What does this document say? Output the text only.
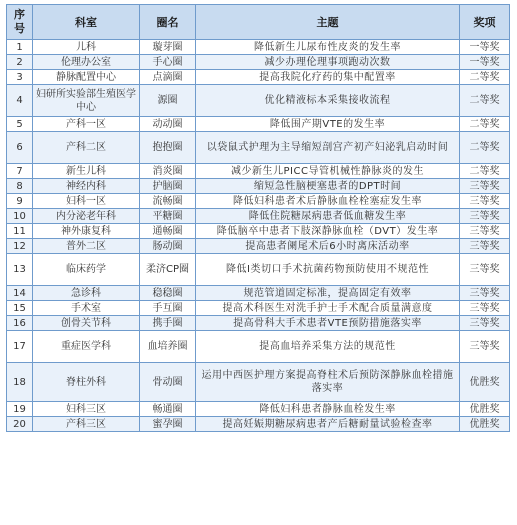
序号	科室	圈名	主题	奖项
1	儿科	璇芽圈	降低新生儿尿布性皮炎的发生率	一等奖
2	伦理办公室	手心圈	减少办理伦理事项跑动次数	一等奖
3	静脉配置中心	点滴圈	提高我院化疗药的集中配置率	二等奖
4	妇研所实验部生殖医学中心	源圈	优化精液标本采集接收流程	二等奖
5	产科一区	动动圈	降低围产期VTE的发生率	二等奖
6	产科二区	抱抱圈	以袋鼠式护理为主导缩短剖宫产初产妇泌乳启动时间	二等奖
7	新生儿科	消炎圈	减少新生儿PICC导管机械性静脉炎的发生	二等奖
8	神经内科	护脑圈	缩短急性脑梗塞患者的DPT时间	三等奖
9	妇科一区	流畅圈	降低妇科患者术后静脉血栓栓塞症发生率	三等奖
10	内分泌老年科	平糖圈	降低住院糖尿病患者低血糖发生率	三等奖
11	神外康复科	通畅圈	降低脑卒中患者下肢深静脉血栓（DVT）发生率	三等奖
12	普外二区	肠动圈	提高患者阑尾术后6小时离床活动率	三等奖
13	临床药学	柔济CP圈	降低Ⅰ类切口手术抗菌药物预防使用不规范性	三等奖
14	急诊科	稳稳圈	规范管道固定标准，提高固定有效率	三等奖
15	手术室	手互圈	提高术科医生对洗手护士手术配合质量满意度	三等奖
16	创骨关节科	携手圈	提高骨科大手术患者VTE预防措施落实率	三等奖
17	重症医学科	血培养圈	提高血培养采集方法的规范性	三等奖
18	脊柱外科	骨动圈	运用中西医护理方案提高脊柱术后预防深静脉血栓措施落实率	优胜奖
19	妇科三区	畅通圈	降低妇科患者静脉血栓发生率	优胜奖
20	产科三区	蜜孕圈	提高妊娠期糖尿病患者产后糖耐量试验检查率	优胜奖
